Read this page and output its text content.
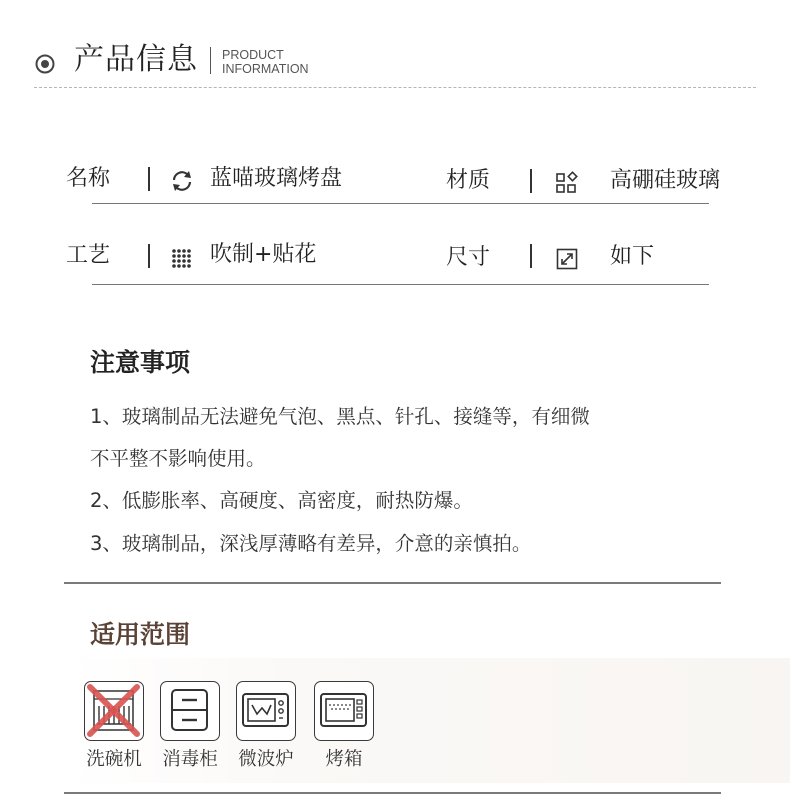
产品信息 PRODUCT
INFORMATION
名称	蓝喵玻璃烤盘	材质	高硼硅玻璃
工艺	吹制+贴花	尺寸	如下
注意事项
1、玻璃制品无法避免气泡、黑点、针孔、接缝等，有细微
不平整不影响使用。
2、低膨胀率、高硬度、高密度，耐热防爆。
3、玻璃制品，深浅厚薄略有差异，介意的亲慎拍。
适用范围
洗碗机	消毒柜	微波炉	烤箱
